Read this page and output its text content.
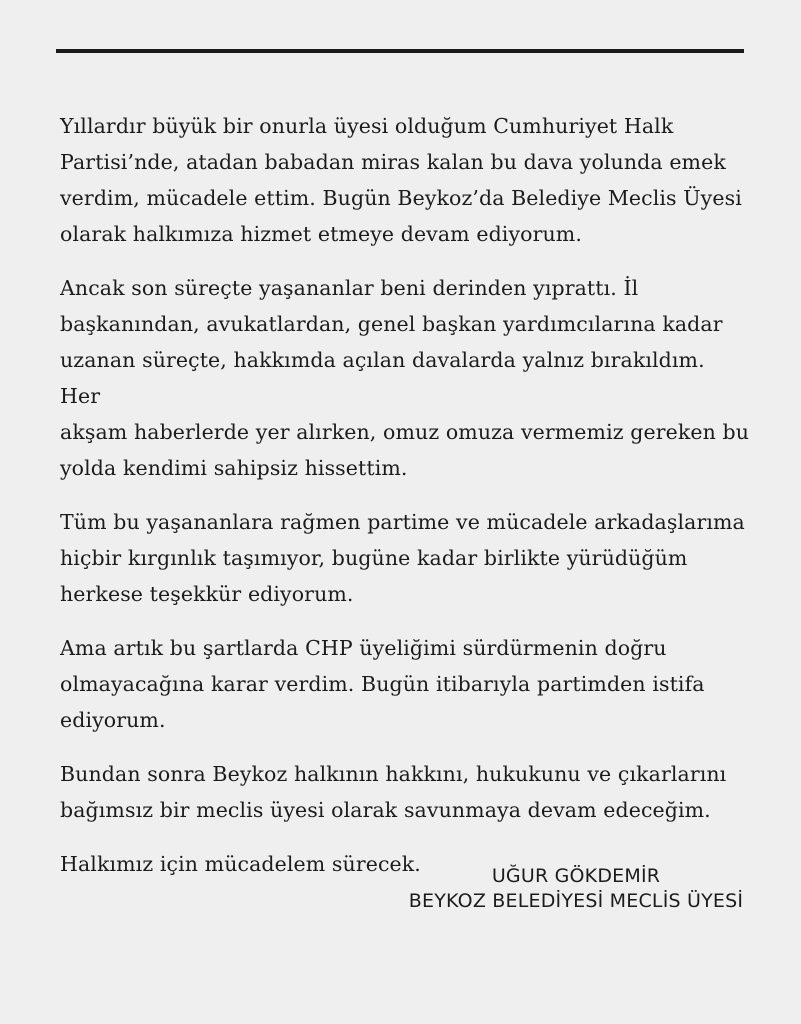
Yıllardır büyük bir onurla üyesi olduğum Cumhuriyet Halk
Partisi’nde, atadan babadan miras kalan bu dava yolunda emek
verdim, mücadele ettim. Bugün Beykoz’da Belediye Meclis Üyesi
olarak halkımıza hizmet etmeye devam ediyorum.

Ancak son süreçte yaşananlar beni derinden yıprattı. İl
başkanından, avukatlardan, genel başkan yardımcılarına kadar
uzanan süreçte, hakkımda açılan davalarda yalnız bırakıldım. Her
akşam haberlerde yer alırken, omuz omuza vermemiz gereken bu
yolda kendimi sahipsiz hissettim.

Tüm bu yaşananlara rağmen partime ve mücadele arkadaşlarıma
hiçbir kırgınlık taşımıyor, bugüne kadar birlikte yürüdüğüm
herkese teşekkür ediyorum.

Ama artık bu şartlarda CHP üyeliğimi sürdürmenin doğru
olmayacağına karar verdim. Bugün itibarıyla partimden istifa
ediyorum.

Bundan sonra Beykoz halkının hakkını, hukukunu ve çıkarlarını
bağımsız bir meclis üyesi olarak savunmaya devam edeceğim.

Halkımız için mücadelem sürecek.	UĞUR GÖKDEMİR
BEYKOZ BELEDİYESİ MECLİS ÜYESİ
